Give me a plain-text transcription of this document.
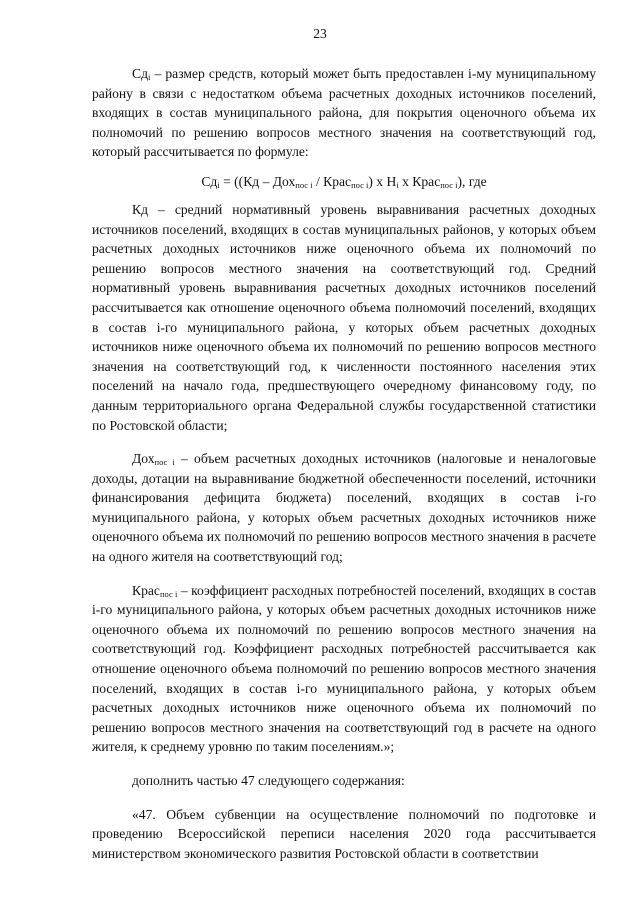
23

$Сд_i$ – размер средств, который может быть предоставлен i-му муниципальному району в связи с недостатком объема расчетных доходных источников поселений, входящих в состав муниципального района, для покрытия оценочного объема их полномочий по решению вопросов местного значения на соответствующий год, который рассчитывается по формуле:

$Сд_i = ((Кд - Дох_{пос i}$ / Крас$_{пос i}$) х $Н_i$ х Крас$_{пос i}$), где

Кд – средний нормативный уровень выравнивания расчетных доходных источников поселений, входящих в состав муниципальных районов, у которых объем расчетных доходных источников ниже оценочного объема их полномочий по решению вопросов местного значения на соответствующий год. Средний нормативный уровень выравнивания расчетных доходных источников поселений рассчитывается как отношение оценочного объема полномочий поселений, входящих в состав i-го муниципального района, у которых объем расчетных доходных источников ниже оценочного объема их полномочий по решению вопросов местного значения на соответствующий год, к численности постоянного населения этих поселений на начало года, предшествующего очередному финансовому году, по данным территориального органа Федеральной службы государственной статистики по Ростовской области;

Дох$_{пос i}$ – объем расчетных доходных источников (налоговые и неналоговые доходы, дотации на выравнивание бюджетной обеспеченности поселений, источники финансирования дефицита бюджета) поселений, входящих в состав i-го муниципального района, у которых объем расчетных доходных источников ниже оценочного объема их полномочий по решению вопросов местного значения в расчете на одного жителя на соответствующий год;

Крас$_{пос i}$ – коэффициент расходных потребностей поселений, входящих в состав i-го муниципального района, у которых объем расчетных доходных источников ниже оценочного объема их полномочий по решению вопросов местного значения на соответствующий год. Коэффициент расходных потребностей рассчитывается как отношение оценочного объема полномочий по решению вопросов местного значения поселений, входящих в состав i-го муниципального района, у которых объем расчетных доходных источников ниже оценочного объема их полномочий по решению вопросов местного значения на соответствующий год в расчете на одного жителя, к среднему уровню по таким поселениям.»;

дополнить частью 47 следующего содержания:

«47. Объем субвенции на осуществление полномочий по подготовке и проведению Всероссийской переписи населения 2020 года рассчитывается министерством экономического развития Ростовской области в соответствии
